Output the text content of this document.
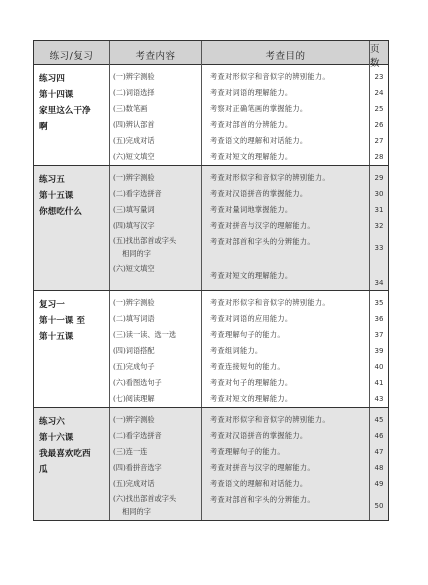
练习/复习	考查内容	考查目的
页数
练习四
第十四课
家里这么干净
啊
(一)辨字测验
(二)词语选择
(三)数笔画
(四)辨认部首
(五)完成对话
(六)短文填空
考查对形似字和音似字的辨别能力。
考查对词语的理解能力。
考察对正确笔画的掌握能力。
考查对部首的分辨能力。
考查语文的理解和对话能力。
考查对短文的理解能力。
23
24
25
26
27
28
练习五
第十五课
你想吃什么
(一)辨字测验
(二)看字选拼音
(三)填写量词
(四)填写汉字
(五)找出部首或字头
相同的字
(六)短文填空
考查对形似字和音似字的辨别能力。
考查对汉语拼音的掌握能力。
考查对量词地掌握能力。
考查对拼音与汉字的理解能力。
考查对部首和字头的分辨能力。
考查对短文的理解能力。
29
30
31
32
33
34
复习一
第十一课 至
第十五课
(一)辨字测验
(二)填写词语
(三)读一读、选一选
(四)词语搭配
(五)完成句子
(六)看图选句子
(七)阅读理解
考查对形似字和音似字的辨别能力。
考查对词语的应用能力。
考查理解句子的能力。
考查组词能力。
考查连接短句的能力。
考查对句子的理解能力。
考查对短文的理解能力。
35
36
37
39
40
41
43
练习六
第十六课
我最喜欢吃西
瓜
(一)辨字测验
(二)看字选拼音
(三)连一连
(四)看拼音选字
(五)完成对话
(六)找出部首或字头
相同的字
考查对形似字和音似字的辨别能力。
考查对汉语拼音的掌握能力。
考查理解句子的能力。
考查对拼音与汉字的理解能力。
考查语文的理解和对话能力。
考查对部首和字头的分辨能力。
45
46
47
48
49
50
